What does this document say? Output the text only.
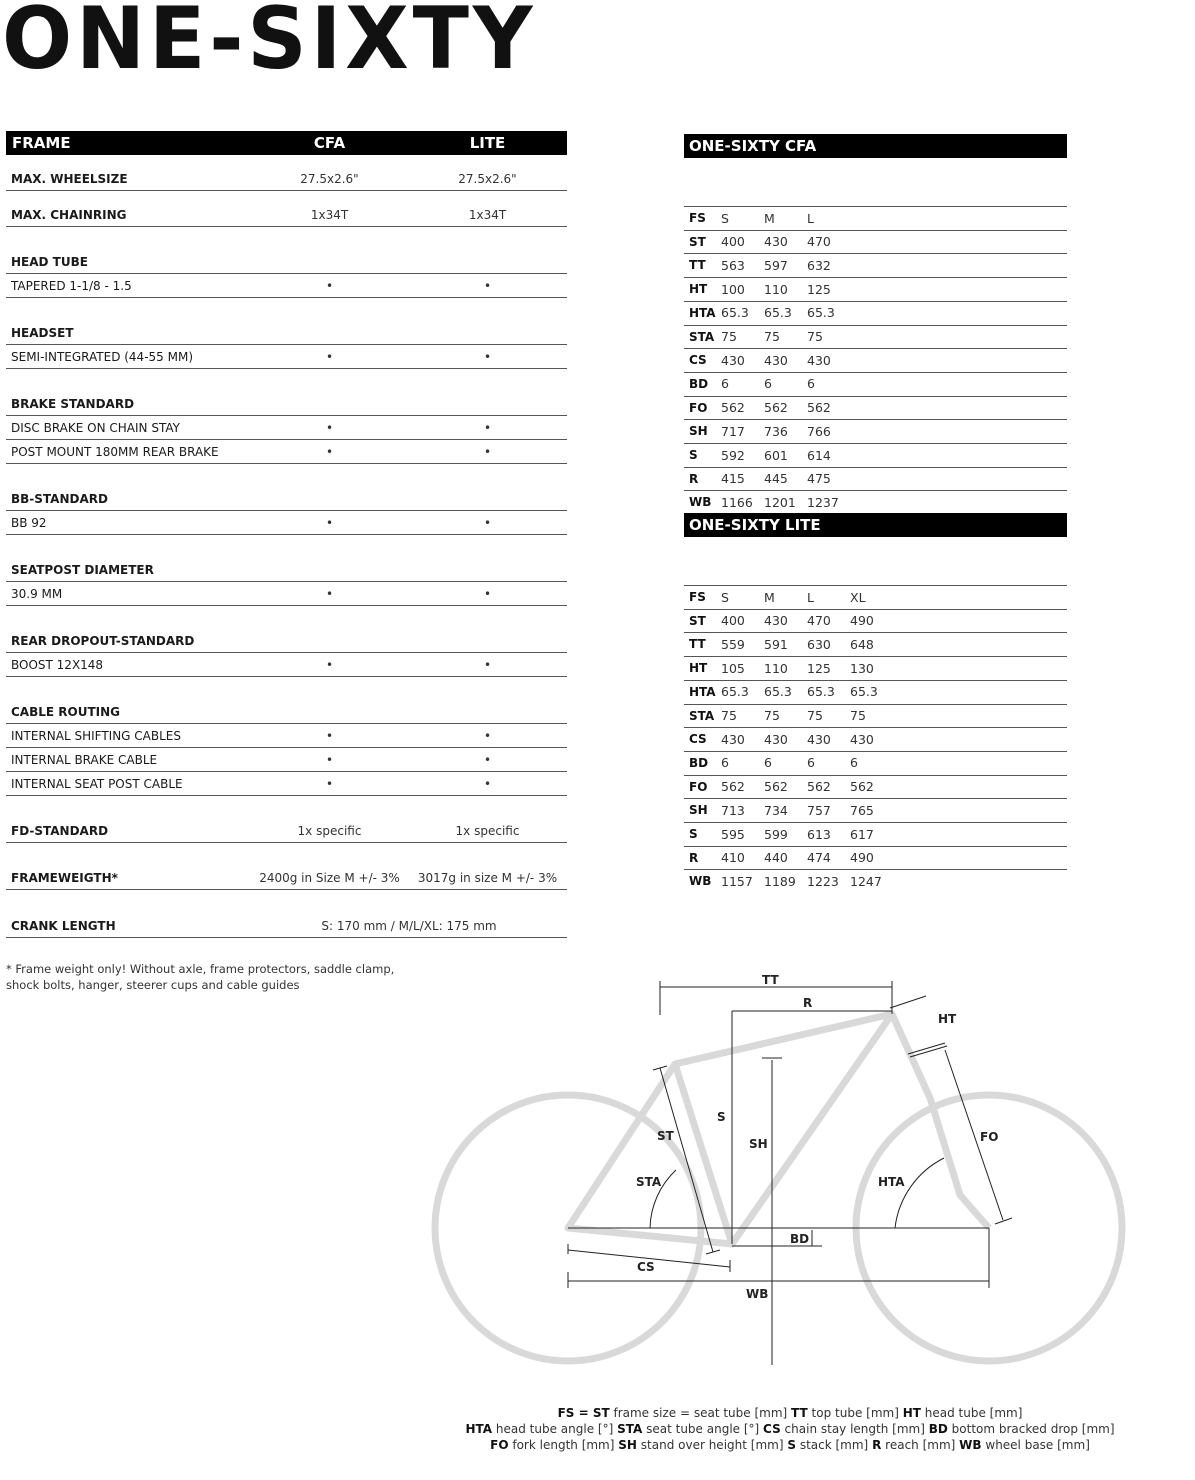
ONE-SIXTY
FRAME	CFA	LITE
MAX. WHEELSIZE	27.5x2.6"	27.5x2.6"
MAX. CHAINRING	1x34T	1x34T
HEAD TUBE
TAPERED 1-1/8 - 1.5	•	•
HEADSET
SEMI-INTEGRATED (44-55 MM)	•	•
BRAKE STANDARD
DISC BRAKE ON CHAIN STAY	•	•
POST MOUNT 180MM REAR BRAKE	•	•
BB-STANDARD
BB 92	•	•
SEATPOST DIAMETER
30.9 MM	•	•
REAR DROPOUT-STANDARD
BOOST 12X148	•	•
CABLE ROUTING
INTERNAL SHIFTING CABLES	•	•
INTERNAL BRAKE CABLE	•	•
INTERNAL SEAT POST CABLE	•	•
FD-STANDARD	1x specific	1x specific
FRAMEWEIGTH*	2400g in Size M +/- 3%	3017g in size M +/- 3%
CRANK LENGTH	S: 170 mm / M/L/XL: 175 mm
* Frame weight only! Without axle, frame protectors, saddle clamp,
shock bolts, hanger, steerer cups and cable guides
ONE-SIXTY CFA
FS	S	M	L
ST	400	430	470
TT	563	597	632
HT	100	110	125
HTA 65.3	65.3	65.3
STA 75	75	75
CS	430	430	430
BD	6	6	6
FO	562	562	562
SH	717	736	766
S	592	601	614
R	415	445	475
WB 1166 1201 1237
ONE-SIXTY LITE
FS	S	M	L	XL
ST	400	430	470	490
TT	559	591	630	648
HT	105	110	125	130
HTA 65.3	65.3	65.3	65.3
STA 75	75	75	75
CS	430	430	430	430
BD	6	6	6	6
FO	562	562	562	562
SH	713	734	757	765
S	595	599	613	617
R	410	440	474	490
WB 1157 1189 1223 1247
TT
R
HT
S
ST
SH	FO
STA	HTA
BD
CS
WB
FS = ST frame size = seat tube [mm] TT top tube [mm] HT head tube [mm]
HTA head tube angle [°] STA seat tube angle [°] CS chain stay length [mm] BD bottom bracked drop [mm]
FO fork length [mm] SH stand over height [mm] S stack [mm] R reach [mm] WB wheel base [mm]
